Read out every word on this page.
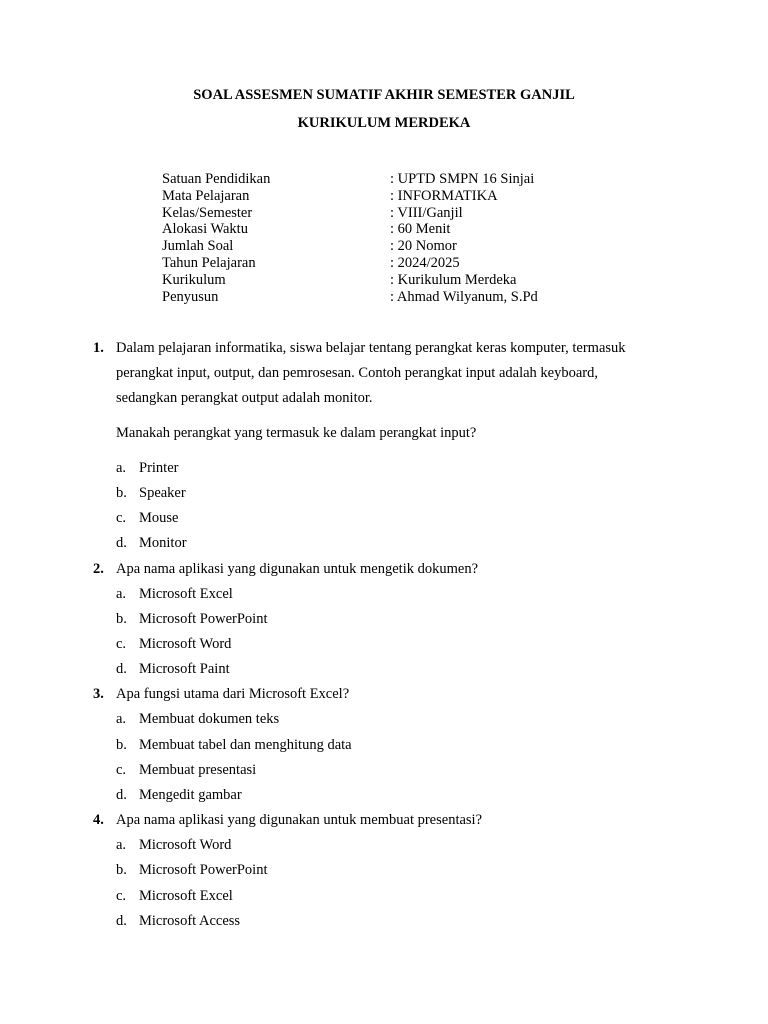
SOAL ASSESMEN SUMATIF AKHIR SEMESTER GANJIL
KURIKULUM MERDEKA
Satuan Pendidikan	: UPTD SMPN 16 Sinjai
Mata Pelajaran	: INFORMATIKA
Kelas/Semester	: VIII/Ganjil
Alokasi Waktu	: 60 Menit
Jumlah Soal	: 20 Nomor
Tahun Pelajaran	: 2024/2025
Kurikulum	: Kurikulum Merdeka
Penyusun	: Ahmad Wilyanum, S.Pd
1. Dalam pelajaran informatika, siswa belajar tentang perangkat keras komputer, termasuk
perangkat input, output, dan pemrosesan. Contoh perangkat input adalah keyboard,
sedangkan perangkat output adalah monitor.
Manakah perangkat yang termasuk ke dalam perangkat input?
a. Printer
b. Speaker
c. Mouse
d. Monitor
2. Apa nama aplikasi yang digunakan untuk mengetik dokumen?
a. Microsoft Excel
b. Microsoft PowerPoint
c. Microsoft Word
d. Microsoft Paint
3. Apa fungsi utama dari Microsoft Excel?
a. Membuat dokumen teks
b. Membuat tabel dan menghitung data
c. Membuat presentasi
d. Mengedit gambar
4. Apa nama aplikasi yang digunakan untuk membuat presentasi?
a. Microsoft Word
b. Microsoft PowerPoint
c. Microsoft Excel
d. Microsoft Access
